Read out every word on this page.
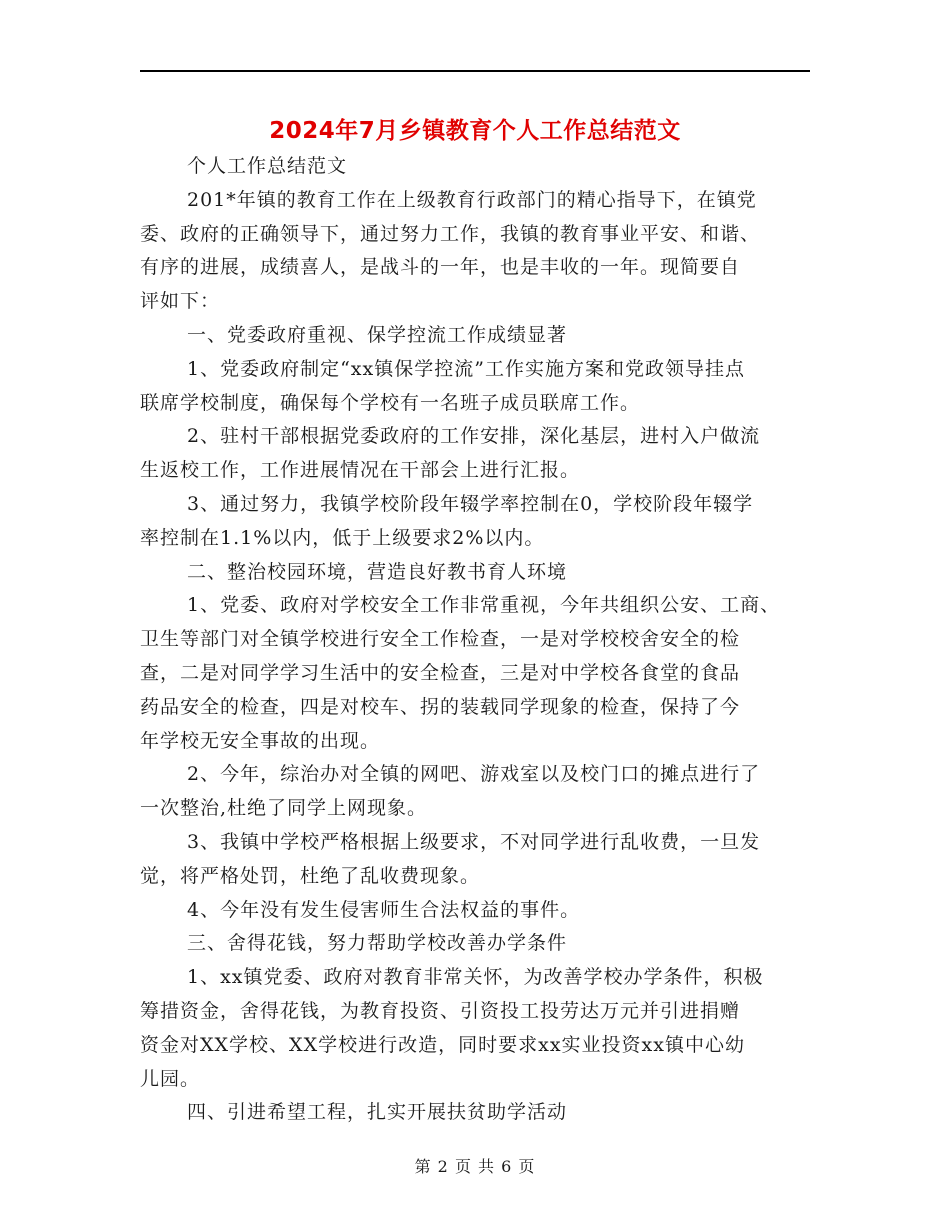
2024年7月乡镇教育个人工作总结范文
个人工作总结范文
201*年镇的教育工作在上级教育行政部门的精心指导下，在镇党
委、政府的正确领导下，通过努力工作，我镇的教育事业平安、和谐、
有序的进展，成绩喜人，是战斗的一年，也是丰收的一年。现简要自
评如下：
一、党委政府重视、保学控流工作成绩显著
1、党委政府制定“xx镇保学控流”工作实施方案和党政领导挂点
联席学校制度，确保每个学校有一名班子成员联席工作。
2、驻村干部根据党委政府的工作安排，深化基层，进村入户做流
生返校工作，工作进展情况在干部会上进行汇报。
3、通过努力，我镇学校阶段年辍学率控制在0，学校阶段年辍学
率控制在1.1%以内，低于上级要求2%以内。
二、整治校园环境，营造良好教书育人环境
1、党委、政府对学校安全工作非常重视，今年共组织公安、工商、
卫生等部门对全镇学校进行安全工作检查，一是对学校校舍安全的检
查，二是对同学学习生活中的安全检查，三是对中学校各食堂的食品
药品安全的检查，四是对校车、拐的装载同学现象的检查，保持了今
年学校无安全事故的出现。
2、今年，综治办对全镇的网吧、游戏室以及校门口的摊点进行了
一次整治,杜绝了同学上网现象。
3、我镇中学校严格根据上级要求，不对同学进行乱收费，一旦发
觉，将严格处罚，杜绝了乱收费现象。
4、今年没有发生侵害师生合法权益的事件。
三、舍得花钱，努力帮助学校改善办学条件
1、xx镇党委、政府对教育非常关怀，为改善学校办学条件，积极
筹措资金，舍得花钱，为教育投资、引资投工投劳达万元并引进捐赠
资金对XX学校、XX学校进行改造，同时要求xx实业投资xx镇中心幼
儿园。
四、引进希望工程，扎实开展扶贫助学活动
第 2 页 共 6 页
